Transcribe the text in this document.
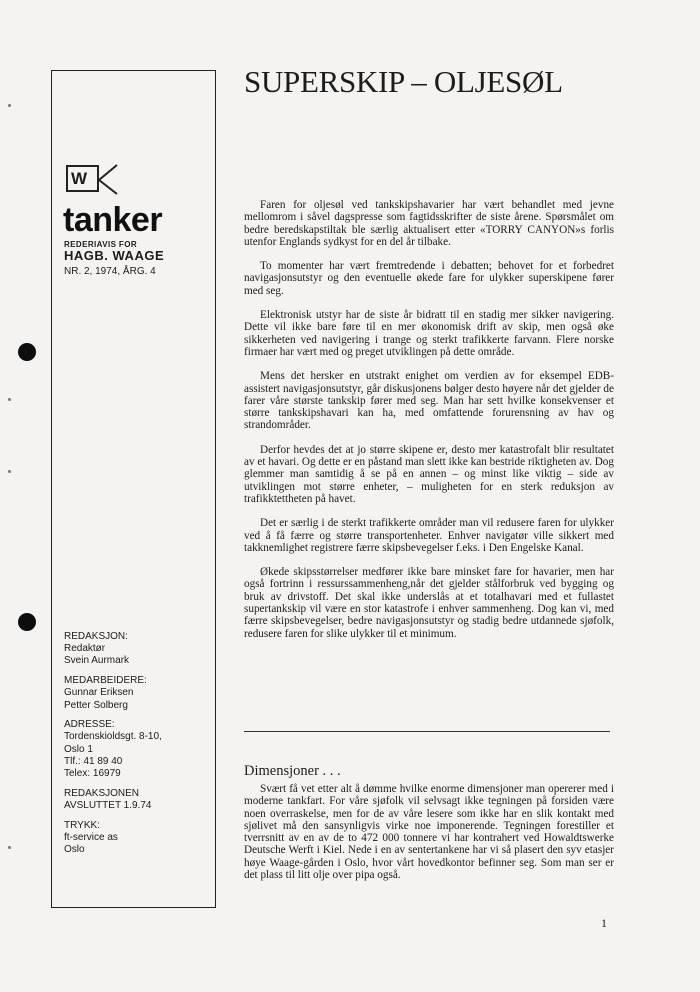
W
tanker
REDERIAVIS FOR
HAGB. WAAGE
NR. 2, 1974, ÅRG. 4
REDAKSJON:
Redaktør
Svein Aurmark
MEDARBEIDERE:
Gunnar Eriksen
Petter Solberg
ADRESSE:
Tordenskioldsgt. 8-10,
Oslo 1
Tlf.: 41 89 40
Telex: 16979
REDAKSJONEN
AVSLUTTET 1.9.74
TRYKK:
ft-service as
Oslo
SUPERSKIP – OLJESØL

Faren for oljesøl ved tankskipshavarier har vært behandlet med jevne mellomrom i såvel dagspresse som fagtidsskrifter de siste årene. Spørsmålet om bedre beredskapstiltak ble særlig aktualisert etter «TORRY CANYON»s forlis utenfor Englands sydkyst for en del år tilbake.

To momenter har vært fremtredende i debatten; behovet for et forbedret navigasjonsutstyr og den eventuelle økede fare for ulykker superskipene fører med seg.

Elektronisk utstyr har de siste år bidratt til en stadig mer sikker navigering. Dette vil ikke bare føre til en mer økonomisk drift av skip, men også øke sikkerheten ved navigering i trange og sterkt trafikkerte farvann. Flere norske firmaer har vært med og preget utviklingen på dette område.

Mens det hersker en utstrakt enighet om verdien av for eksempel EDB-assistert navigasjonsutstyr, går diskusjonens bølger desto høyere når det gjelder de farer våre største tankskip fører med seg. Man har sett hvilke konsekvenser et større tankskipshavari kan ha, med omfattende forurensning av hav og strandområder.

Derfor hevdes det at jo større skipene er, desto mer katastrofalt blir resultatet av et havari. Og dette er en påstand man slett ikke kan bestride riktigheten av. Dog glemmer man samtidig å se på en annen – og minst like viktig – side av utviklingen mot større enheter, – muligheten for en sterk reduksjon av trafikktettheten på havet.

Det er særlig i de sterkt trafikkerte områder man vil redusere faren for ulykker ved å få færre og større transportenheter. Enhver navigatør ville sikkert med takknemlighet registrere færre skipsbevegelser f.eks. i Den Engelske Kanal.

Økede skipsstørrelser medfører ikke bare minsket fare for havarier, men har også fortrinn i ressurssammenheng,når det gjelder stålforbruk ved bygging og bruk av drivstoff. Det skal ikke underslås at et totalhavari med et fullastet supertankskip vil være en stor katastrofe i enhver sammenheng. Dog kan vi, med færre skipsbevegelser, bedre navigasjonsutstyr og stadig bedre utdannede sjøfolk, redusere faren for slike ulykker til et minimum.

Dimensjoner . . .

Svært få vet etter alt å dømme hvilke enorme dimensjoner man opererer med i moderne tankfart. For våre sjøfolk vil selvsagt ikke tegningen på forsiden være noen overraskelse, men for de av våre lesere som ikke har en slik kontakt med sjølivet må den sansynligvis virke noe imponerende. Tegningen forestiller et tverrsnitt av en av de to 472 000 tonnere vi har kontrahert ved Howaldtswerke Deutsche Werft i Kiel. Nede i en av sentertankene har vi så plasert den syv etasjer høye Waage-gården i Oslo, hvor vårt hovedkontor befinner seg. Som man ser er det plass til litt olje over pipa også.

1
